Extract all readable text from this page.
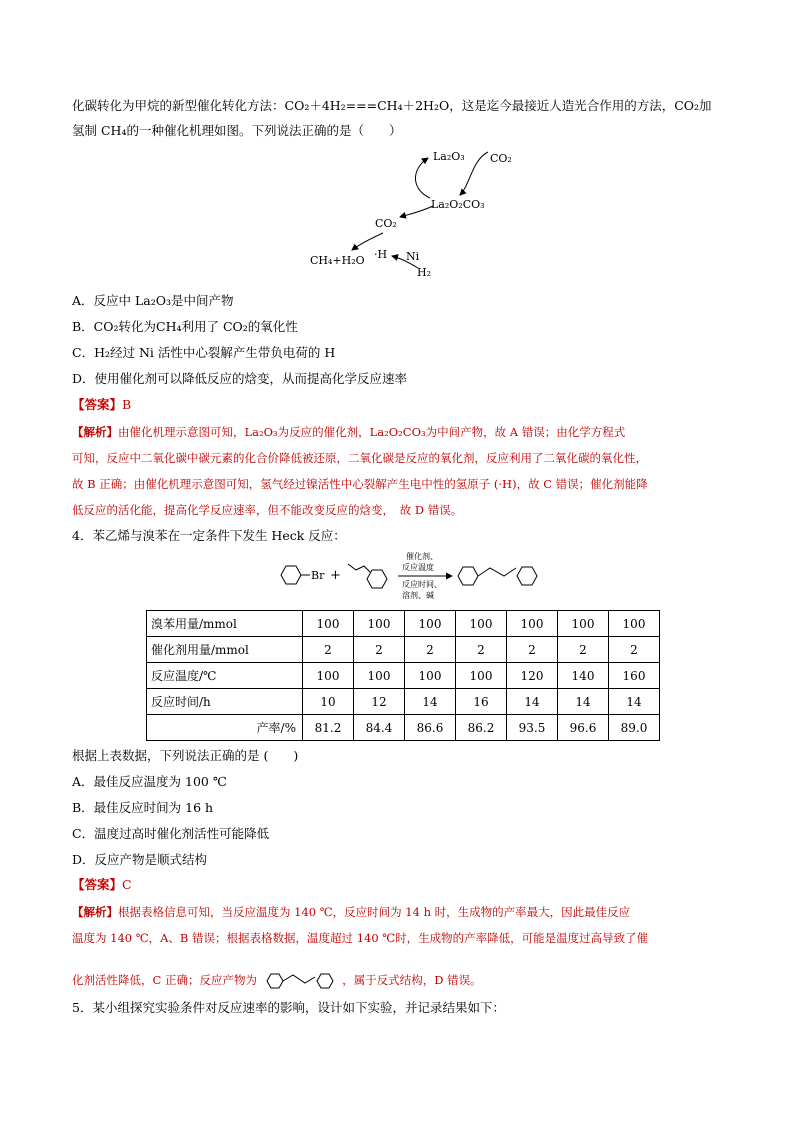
化碳转化为甲烷的新型催化转化方法：CO₂＋4H₂===CH₄＋2H₂O，这是迄今最接近人造光合作用的方法，CO₂加
氢制 CH₄的一种催化机理如图。下列说法正确的是（　　）
La₂O₃ CO₂
La₂O₂CO₃
CO₂
CH₄+H₂O ·H Ni
H₂
A．反应中 La₂O₃是中间产物
B．CO₂转化为CH₄利用了 CO₂的氧化性
C．H₂经过 Ni 活性中心裂解产生带负电荷的 H
D．使用催化剂可以降低反应的焓变，从而提高化学反应速率
【答案】B
【解析】由催化机理示意图可知，La₂O₃为反应的催化剂，La₂O₂CO₃为中间产物，故 A 错误；由化学方程式
可知，反应中二氧化碳中碳元素的化合价降低被还原，二氧化碳是反应的氧化剂，反应利用了二氧化碳的氧化性，
故 B 正确；由催化机理示意图可知，氢气经过镍活性中心裂解产生电中性的氢原子 (·H)，故 C 错误；催化剂能降
低反应的活化能，提高化学反应速率，但不能改变反应的焓变，　故 D 错误。
4．苯乙烯与溴苯在一定条件下发生 Heck 反应：
Br +
催化剂、
反应温度
反应时间、
溶剂、碱
溴苯用量/mmol	100	100	100	100	100	100	100
催化剂用量/mmol	2	2	2	2	2	2	2
反应温度/℃	100	100	100	100	120	140	160
反应时间/h	10	12	14	16	14	14	14
产率/%	81.2	84.4	86.6	86.2	93.5	96.6	89.0
根据上表数据，下列说法正确的是 (　　)
A．最佳反应温度为 100 ℃
B．最佳反应时间为 16 h
C．温度过高时催化剂活性可能降低
D．反应产物是顺式结构
【答案】C
【解析】根据表格信息可知，当反应温度为 140 ℃，反应时间为 14 h 时，生成物的产率最大，因此最佳反应
温度为 140 ℃，A、B 错误；根据表格数据，温度超过 140 ℃时，生成物的产率降低，可能是温度过高导致了催
化剂活性降低，C 正确；反应产物为	，属于反式结构，D 错误。
5．某小组探究实验条件对反应速率的影响，设计如下实验，并记录结果如下：
